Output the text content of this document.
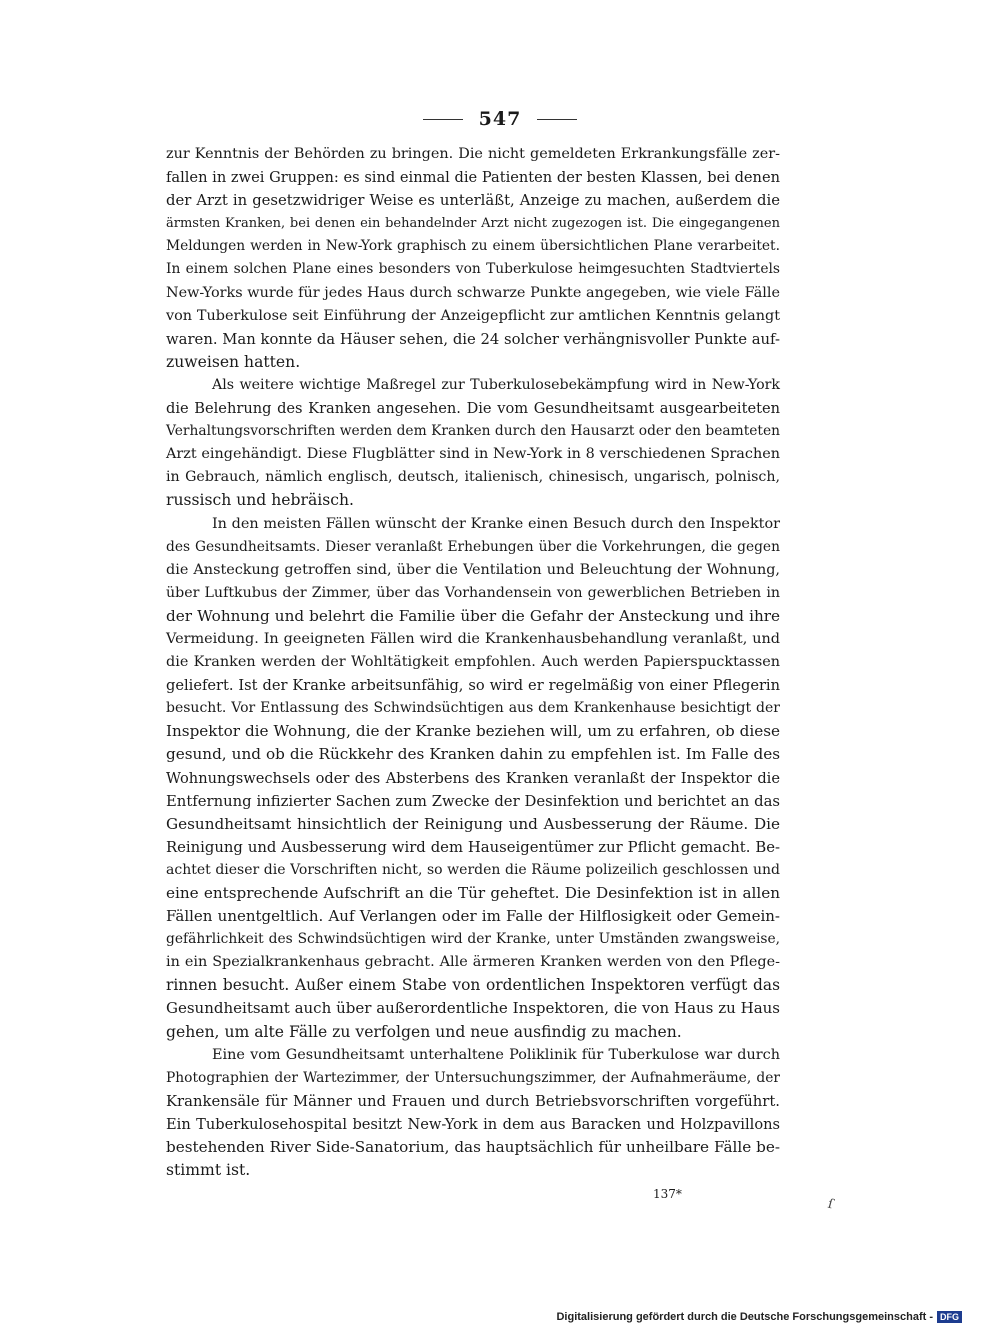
547
zur Kenntnis der Behörden zu bringen. Die nicht gemeldeten Erkrankungsfälle zer-
fallen in zwei Gruppen: es sind einmal die Patienten der besten Klassen, bei denen
der Arzt in gesetzwidriger Weise es unterläßt, Anzeige zu machen, außerdem die
ärmsten Kranken, bei denen ein behandelnder Arzt nicht zugezogen ist. Die eingegangenen
Meldungen werden in New-York graphisch zu einem übersichtlichen Plane verarbeitet.
In einem solchen Plane eines besonders von Tuberkulose heimgesuchten Stadtviertels
New-Yorks wurde für jedes Haus durch schwarze Punkte angegeben, wie viele Fälle
von Tuberkulose seit Einführung der Anzeigepflicht zur amtlichen Kenntnis gelangt
waren. Man konnte da Häuser sehen, die 24 solcher verhängnisvoller Punkte auf-
zuweisen hatten.
Als weitere wichtige Maßregel zur Tuberkulosebekämpfung wird in New-York
die Belehrung des Kranken angesehen. Die vom Gesundheitsamt ausgearbeiteten
Verhaltungsvorschriften werden dem Kranken durch den Hausarzt oder den beamteten
Arzt eingehändigt. Diese Flugblätter sind in New-York in 8 verschiedenen Sprachen
in Gebrauch, nämlich englisch, deutsch, italienisch, chinesisch, ungarisch, polnisch,
russisch und hebräisch.
In den meisten Fällen wünscht der Kranke einen Besuch durch den Inspektor
des Gesundheitsamts. Dieser veranlaßt Erhebungen über die Vorkehrungen, die gegen
die Ansteckung getroffen sind, über die Ventilation und Beleuchtung der Wohnung,
über Luftkubus der Zimmer, über das Vorhandensein von gewerblichen Betrieben in
der Wohnung und belehrt die Familie über die Gefahr der Ansteckung und ihre
Vermeidung. In geeigneten Fällen wird die Krankenhausbehandlung veranlaßt, und
die Kranken werden der Wohltätigkeit empfohlen. Auch werden Papierspucktassen
geliefert. Ist der Kranke arbeitsunfähig, so wird er regelmäßig von einer Pflegerin
besucht. Vor Entlassung des Schwindsüchtigen aus dem Krankenhause besichtigt der
Inspektor die Wohnung, die der Kranke beziehen will, um zu erfahren, ob diese
gesund, und ob die Rückkehr des Kranken dahin zu empfehlen ist. Im Falle des
Wohnungswechsels oder des Absterbens des Kranken veranlaßt der Inspektor die
Entfernung infizierter Sachen zum Zwecke der Desinfektion und berichtet an das
Gesundheitsamt hinsichtlich der Reinigung und Ausbesserung der Räume. Die
Reinigung und Ausbesserung wird dem Hauseigentümer zur Pflicht gemacht. Be-
achtet dieser die Vorschriften nicht, so werden die Räume polizeilich geschlossen und
eine entsprechende Aufschrift an die Tür geheftet. Die Desinfektion ist in allen
Fällen unentgeltlich. Auf Verlangen oder im Falle der Hilflosigkeit oder Gemein-
gefährlichkeit des Schwindsüchtigen wird der Kranke, unter Umständen zwangsweise,
in ein Spezialkrankenhaus gebracht. Alle ärmeren Kranken werden von den Pflege-
rinnen besucht. Außer einem Stabe von ordentlichen Inspektoren verfügt das
Gesundheitsamt auch über außerordentliche Inspektoren, die von Haus zu Haus
gehen, um alte Fälle zu verfolgen und neue ausfindig zu machen.
Eine vom Gesundheitsamt unterhaltene Poliklinik für Tuberkulose war durch
Photographien der Wartezimmer, der Untersuchungszimmer, der Aufnahmeräume, der
Krankensäle für Männer und Frauen und durch Betriebsvorschriften vorgeführt.
Ein Tuberkulosehospital besitzt New-York in dem aus Baracken und Holzpavillons
bestehenden River Side-Sanatorium, das hauptsächlich für unheilbare Fälle be-
stimmt ist.
137*
ſ
Digitalisierung gefördert durch die Deutsche Forschungsgemeinschaft - DFG
